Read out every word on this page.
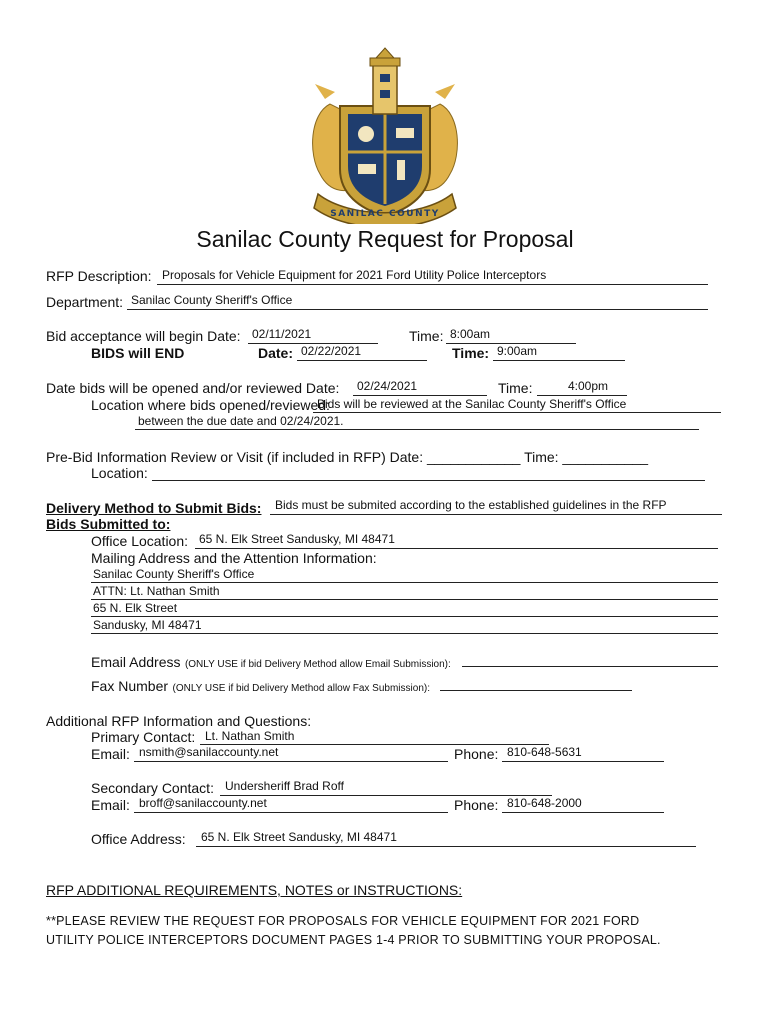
SANILAC COUNTY
Sanilac County Request for Proposal
RFP Description: Proposals for Vehicle Equipment for 2021 Ford Utility Police Interceptors
Department: Sanilac County Sheriff's Office
Bid acceptance will begin Date: 02/11/2021	Time: 8:00am
BIDS will END	Date: 02/22/2021	Time: 9:00am
Date bids will be opened and/or reviewed Date: 02/24/2021	Time:	4:00pm
Location where bids opened/reviewed:
Bids will be reviewed at the Sanilac County Sheriff's Office
between the due date and 02/24/2021.
Pre-Bid Information Review or Visit (if included in RFP) Date: ____________ Time: ___________
Location:
Delivery Method to Submit Bids: Bids must be submited according to the established guidelines in the RFP
Bids Submitted to:
Office Location: 65 N. Elk Street Sandusky, MI 48471
Mailing Address and the Attention Information:
Sanilac County Sheriff's Office
ATTN: Lt. Nathan Smith
65 N. Elk Street
Sandusky, MI 48471
Email Address (ONLY USE if bid Delivery Method allow Email Submission):
Fax Number (ONLY USE if bid Delivery Method allow Fax Submission):
Additional RFP Information and Questions:
Primary Contact: Lt. Nathan Smith
Email: nsmith@sanilaccounty.net	Phone: 810-648-5631
Secondary Contact: Undersheriff Brad Roff
Email: broff@sanilaccounty.net	Phone: 810-648-2000
Office Address: 65 N. Elk Street Sandusky, MI 48471
RFP ADDITIONAL REQUIREMENTS, NOTES or INSTRUCTIONS:
**PLEASE REVIEW THE REQUEST FOR PROPOSALS FOR VEHICLE EQUIPMENT FOR 2021 FORD
UTILITY POLICE INTERCEPTORS DOCUMENT PAGES 1-4 PRIOR TO SUBMITTING YOUR PROPOSAL.
